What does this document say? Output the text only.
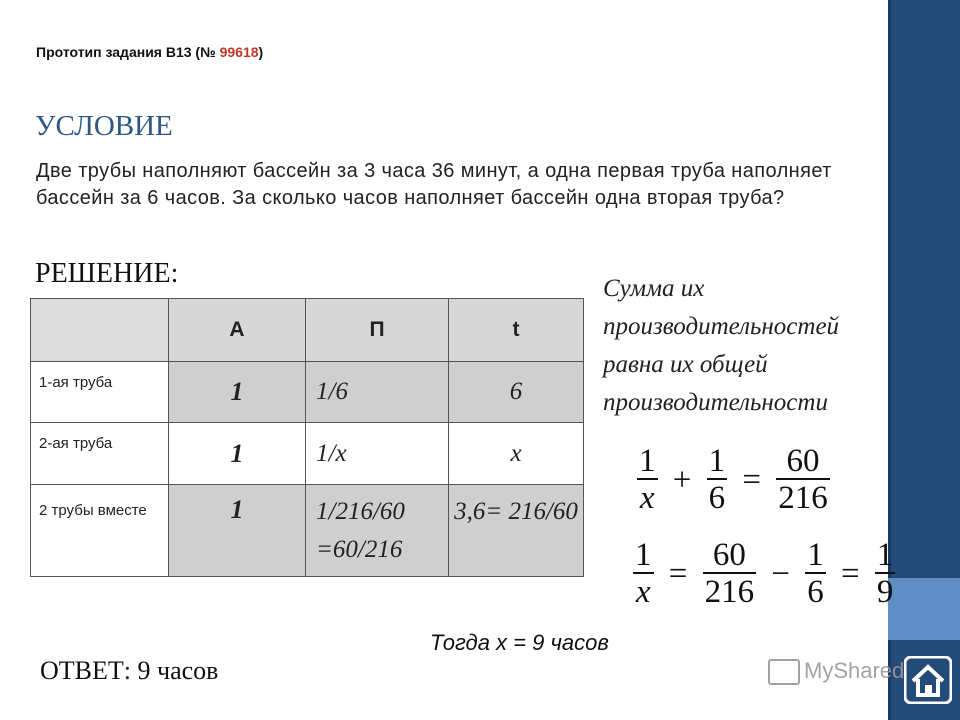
Прототип задания B13 (№ 99618)
УСЛОВИЕ
Две трубы наполняют бассейн за 3 часа 36 минут, а одна первая труба наполняет бассейн за 6 часов. За сколько часов наполняет бассейн одна вторая труба?
РЕШЕНИЕ:
	A	П	t
1-ая труба	1	1/6	6
2-ая труба	1	1/x	x
2 трубы вместе	1	1/216/60 =60/216	3,6= 216/60
Сумма их производительностей равна их общей производительности
$\frac{1}{x} + \frac{1}{6} = \frac{60}{216}$
$\frac{1}{x} = \frac{60}{216} - \frac{1}{6} = \frac{1}{9}$
Тогда х = 9 часов
ОТВЕТ: 9 часов	MyShared
